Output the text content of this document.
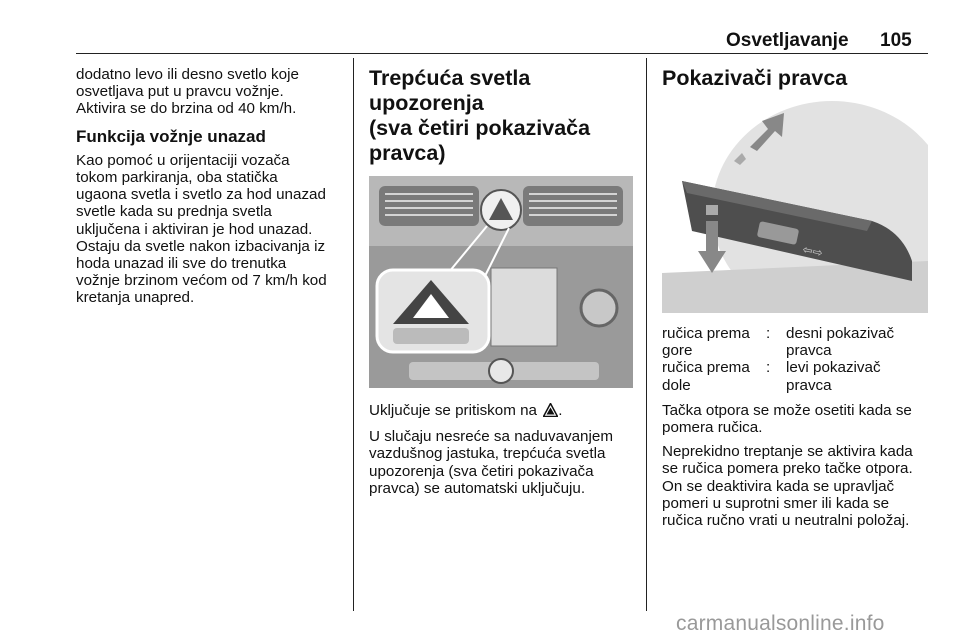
Osvetljavanje 105

dodatno levo ili desno svetlo koje
osvetljava put u pravcu vožnje.
Aktivira se do brzina od 40 km/h.

Funkcija vožnje unazad

Kao pomoć u orijentaciji vozača
tokom parkiranja, oba statička
ugaona svetla i svetlo za hod unazad
svetle kada su prednja svetla
uključena i aktiviran je hod unazad.
Ostaju da svetle nakon izbacivanja iz
hoda unazad ili sve do trenutka
vožnje brzinom većom od 7 km/h kod
kretanja unapred.

Trepćuća svetla upozorenja
(sva četiri pokazivača
pravca)

Uključuje se pritiskom na .

U slučaju nesreće sa naduvavanjem
vazdušnog jastuka, trepćuća svetla
upozorenja (sva četiri pokazivača
pravca) se automatski uključuju.

Pokazivači pravca
⇦⇨
ručica prema
gore
:	desni pokazivač
pravca
ručica prema
dole
:	levi pokazivač
pravca

Tačka otpora se može osetiti kada se
pomera ručica.

Neprekidno treptanje se aktivira kada
se ručica pomera preko tačke otpora.
On se deaktivira kada se upravljač
pomeri u suprotni smer ili kada se
ručica ručno vrati u neutralni položaj.

carmanualsonline.info
